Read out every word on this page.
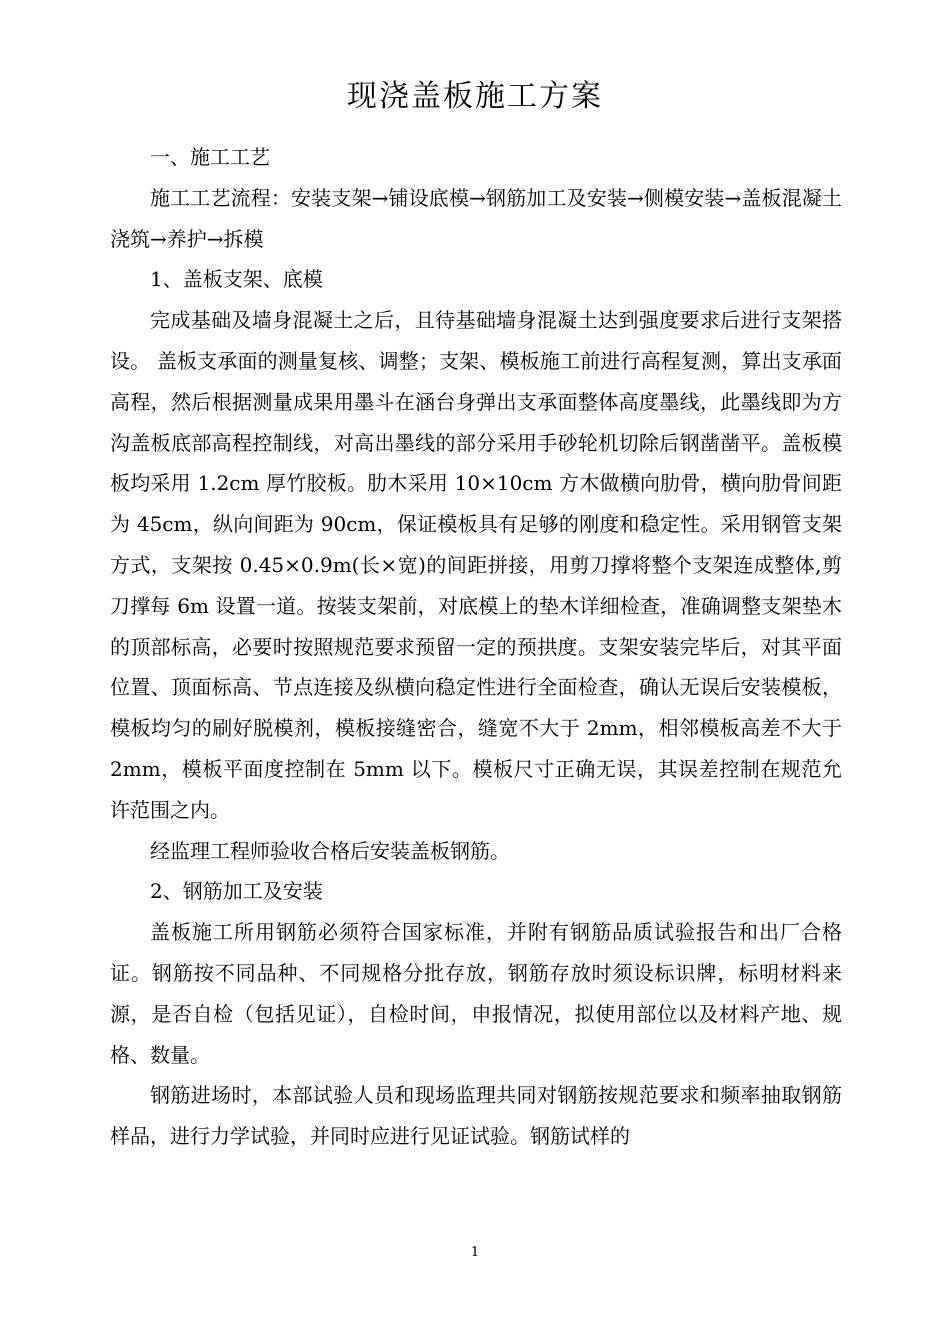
现浇盖板施工方案

一、施工工艺

施工工艺流程：安装支架→铺设底模→钢筋加工及安装→侧模安装→盖板混凝土浇筑→养护→拆模

1、盖板支架、底模

完成基础及墙身混凝土之后，且待基础墙身混凝土达到强度要求后进行支架搭设。 盖板支承面的测量复核、调整；支架、模板施工前进行高程复测，算出支承面高程，然后根据测量成果用墨斗在涵台身弹出支承面整体高度墨线，此墨线即为方沟盖板底部高程控制线，对高出墨线的部分采用手砂轮机切除后钢凿凿平。盖板模板均采用 1.2cm 厚竹胶板。肋木采用 10×10cm 方木做横向肋骨，横向肋骨间距为 45cm，纵向间距为 90cm，保证模板具有足够的刚度和稳定性。采用钢管支架方式，支架按 0.45×0.9m(长×宽)的间距拼接，用剪刀撑将整个支架连成整体,剪刀撑每 6m 设置一道。按装支架前，对底模上的垫木详细检查，准确调整支架垫木的顶部标高，必要时按照规范要求预留一定的预拱度。支架安装完毕后，对其平面位置、顶面标高、节点连接及纵横向稳定性进行全面检查，确认无误后安装模板，模板均匀的刷好脱模剂，模板接缝密合，缝宽不大于 2mm，相邻模板高差不大于 2mm，模板平面度控制在 5mm 以下。模板尺寸正确无误，其误差控制在规范允许范围之内。

经监理工程师验收合格后安装盖板钢筋。

2、钢筋加工及安装

盖板施工所用钢筋必须符合国家标准，并附有钢筋品质试验报告和出厂合格证。钢筋按不同品种、不同规格分批存放，钢筋存放时须设标识牌，标明材料来源，是否自检（包括见证），自检时间，申报情况，拟使用部位以及材料产地、规格、数量。

钢筋进场时，本部试验人员和现场监理共同对钢筋按规范要求和频率抽取钢筋样品，进行力学试验，并同时应进行见证试验。钢筋试样的

1
